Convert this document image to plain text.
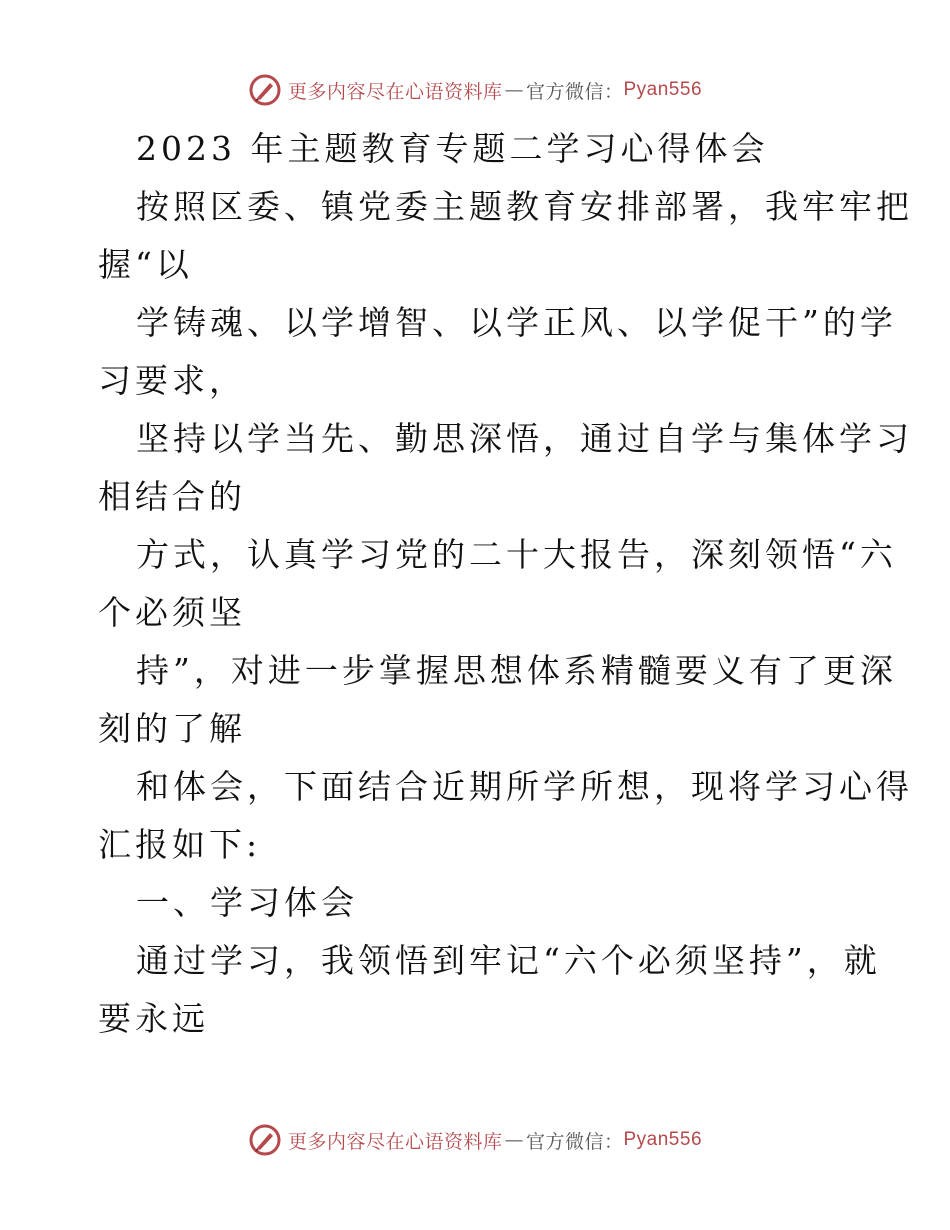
更多内容尽在心语资料库 — 官方微信： Pyan556

2023 年主题教育专题二学习心得体会

按照区委、镇党委主题教育安排部署，我牢牢把

握“以

学铸魂、以学增智、以学正风、以学促干”的学

习要求，

坚持以学当先、勤思深悟，通过自学与集体学习

相结合的

方式，认真学习党的二十大报告，深刻领悟“六

个必须坚

持”，对进一步掌握思想体系精髓要义有了更深

刻的了解

和体会，下面结合近期所学所想，现将学习心得

汇报如下:

一、学习体会

通过学习，我领悟到牢记“六个必须坚持”，就

要永远

更多内容尽在心语资料库 — 官方微信： Pyan556
